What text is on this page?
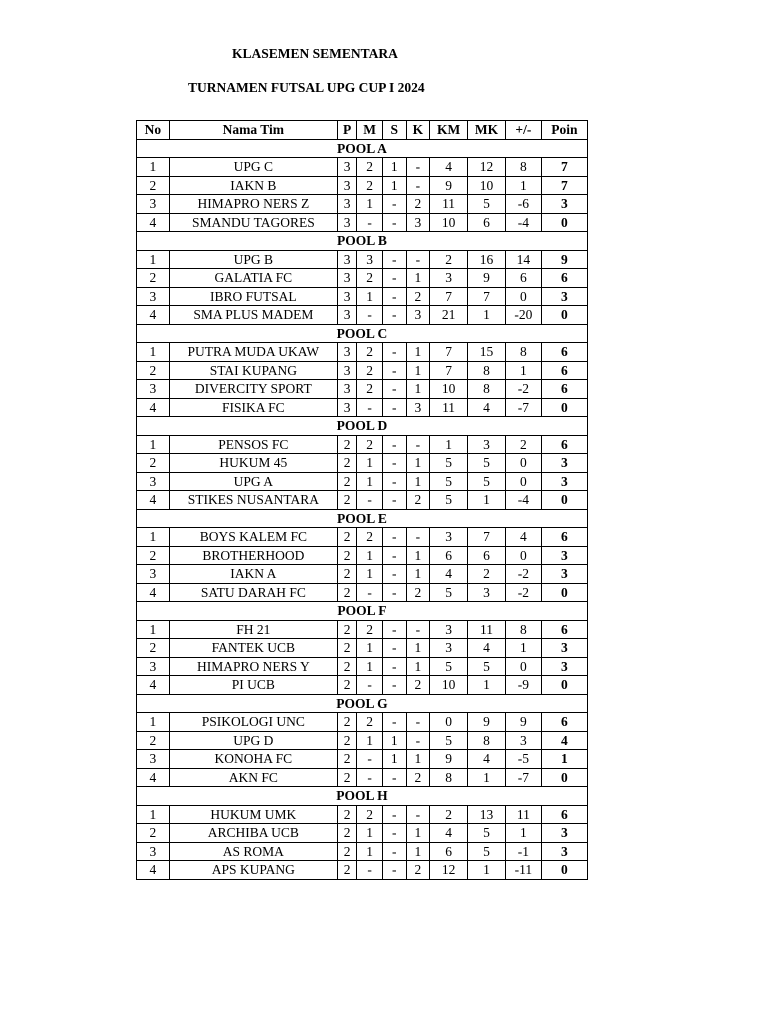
KLASEMEN SEMENTARA
TURNAMEN FUTSAL UPG CUP I 2024
No	Nama Tim	P	M	S	K	KM	MK	+/-	Poin
POOL A									
1	UPG C	3	2	1	-	4	12	8	7
2	IAKN B	3	2	1	-	9	10	1	7
3	HIMAPRO NERS Z	3	1	-	2	11	5	-6	3
4	SMANDU TAGORES	3	-	-	3	10	6	-4	0
POOL B									
1	UPG B	3	3	-	-	2	16	14	9
2	GALATIA FC	3	2	-	1	3	9	6	6
3	IBRO FUTSAL	3	1	-	2	7	7	0	3
4	SMA PLUS MADEM	3	-	-	3	21	1	-20	0
POOL C									
1	PUTRA MUDA UKAW	3	2	-	1	7	15	8	6
2	STAI KUPANG	3	2	-	1	7	8	1	6
3	DIVERCITY SPORT	3	2	-	1	10	8	-2	6
4	FISIKA FC	3	-	-	3	11	4	-7	0
POOL D									
1	PENSOS FC	2	2	-	-	1	3	2	6
2	HUKUM 45	2	1	-	1	5	5	0	3
3	UPG A	2	1	-	1	5	5	0	3
4	STIKES NUSANTARA	2	-	-	2	5	1	-4	0
POOL E									
1	BOYS KALEM FC	2	2	-	-	3	7	4	6
2	BROTHERHOOD	2	1	-	1	6	6	0	3
3	IAKN A	2	1	-	1	4	2	-2	3
4	SATU DARAH FC	2	-	-	2	5	3	-2	0
POOL F									
1	FH 21	2	2	-	-	3	11	8	6
2	FANTEK UCB	2	1	-	1	3	4	1	3
3	HIMAPRO NERS Y	2	1	-	1	5	5	0	3
4	PI UCB	2	-	-	2	10	1	-9	0
POOL G									
1	PSIKOLOGI UNC	2	2	-	-	0	9	9	6
2	UPG D	2	1	1	-	5	8	3	4
3	KONOHA FC	2	-	1	1	9	4	-5	1
4	AKN FC	2	-	-	2	8	1	-7	0
POOL H									
1	HUKUM UMK	2	2	-	-	2	13	11	6
2	ARCHIBA UCB	2	1	-	1	4	5	1	3
3	AS ROMA	2	1	-	1	6	5	-1	3
4	APS KUPANG	2	-	-	2	12	1	-11	0
